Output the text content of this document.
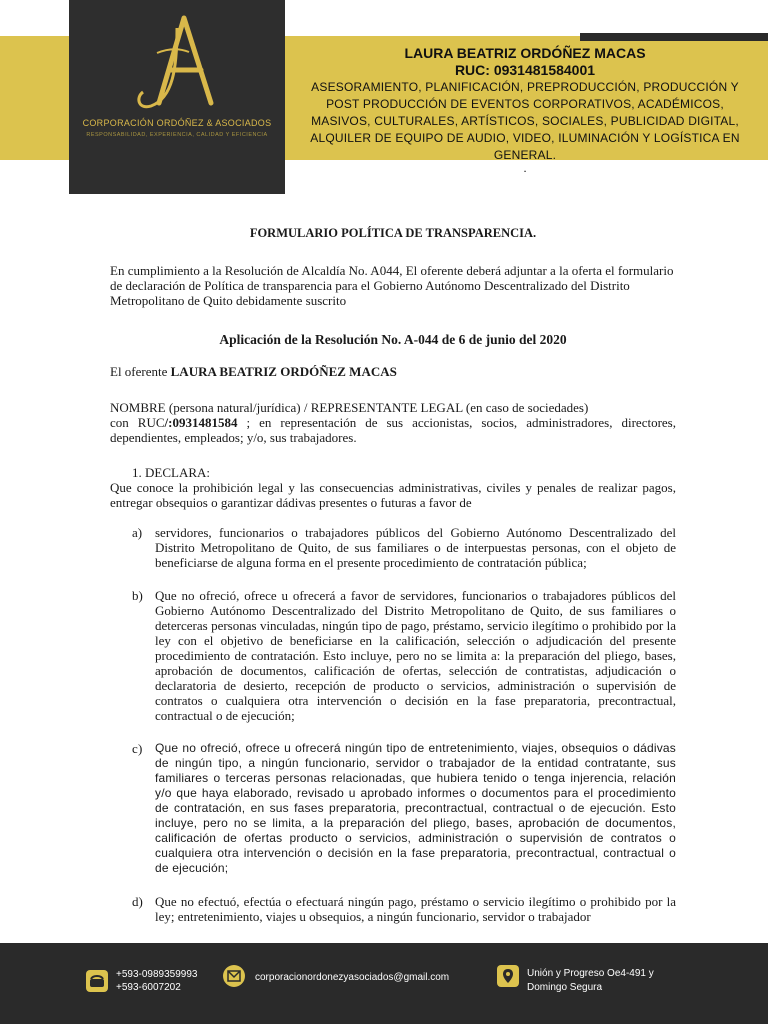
CORPORACIÓN ORDÓÑEZ & ASOCIADOS
RESPONSABILIDAD, EXPERIENCIA, CALIDAD Y EFICIENCIA
LAURA BEATRIZ ORDÓÑEZ MACAS
RUC: 0931481584001
ASESORAMIENTO, PLANIFICACIÓN, PREPRODUCCIÓN, PRODUCCIÓN Y POST PRODUCCIÓN DE EVENTOS CORPORATIVOS, ACADÉMICOS, MASIVOS, CULTURALES, ARTÍSTICOS, SOCIALES, PUBLICIDAD DIGITAL, ALQUILER DE EQUIPO DE AUDIO, VIDEO, ILUMINACIÓN Y LOGÍSTICA EN GENERAL.
.
FORMULARIO POLÍTICA DE TRANSPARENCIA.

En cumplimiento a la Resolución de Alcaldía No. A044, El oferente deberá adjuntar a la oferta el formulario de declaración de Política de transparencia para el Gobierno Autónomo Descentralizado del Distrito Metropolitano de Quito debidamente suscrito

Aplicación de la Resolución No. A-044 de 6 de junio del 2020
El oferente LAURA BEATRIZ ORDÓÑEZ MACAS
NOMBRE (persona natural/jurídica) / REPRESENTANTE LEGAL (en caso de sociedades)
con RUC/:0931481584 ; en representación de sus accionistas, socios, administradores, directores, dependientes, empleados; y/o, sus trabajadores.
1. DECLARA:
Que conoce la prohibición legal y las consecuencias administrativas, civiles y penales de realizar pagos, entregar obsequios o garantizar dádivas presentes o futuras a favor de
a) servidores, funcionarios o trabajadores públicos del Gobierno Autónomo Descentralizado del Distrito Metropolitano de Quito, de sus familiares o de interpuestas personas, con el objeto de beneficiarse de alguna forma en el presente procedimiento de contratación pública;
b) Que no ofreció, ofrece u ofrecerá a favor de servidores, funcionarios o trabajadores públicos del Gobierno Autónomo Descentralizado del Distrito Metropolitano de Quito, de sus familiares o deterceras personas vinculadas, ningún tipo de pago, préstamo, servicio ilegítimo o prohibido por la ley con el objetivo de beneficiarse en la calificación, selección o adjudicación del presente procedimiento de contratación. Esto incluye, pero no se limita a: la preparación del pliego, bases, aprobación de documentos, calificación de ofertas, selección de contratistas, adjudicación o declaratoria de desierto, recepción de producto o servicios, administración o supervisión de contratos o cualquiera otra intervención o decisión en la fase preparatoria, precontractual, contractual o de ejecución;
c) Que no ofreció, ofrece u ofrecerá ningún tipo de entretenimiento, viajes, obsequios o dádivas de ningún tipo, a ningún funcionario, servidor o trabajador de la entidad contratante, sus familiares o terceras personas relacionadas, que hubiera tenido o tenga injerencia, relación y/o que haya elaborado, revisado u aprobado informes o documentos para el procedimiento de contratación, en sus fases preparatoria, precontractual, contractual o de ejecución. Esto incluye, pero no se limita, a la preparación del pliego, bases, aprobación de documentos, calificación de ofertas producto o servicios, administración o supervisión de contratos o cualquiera otra intervención o decisión en la fase preparatoria, precontractual, contractual o de ejecución;
d) Que no efectuó, efectúa o efectuará ningún pago, préstamo o servicio ilegítimo o prohibido por la ley; entretenimiento, viajes u obsequios, a ningún funcionario, servidor o trabajador
+593-0989359993
+593-6007202
corporacionordonezyasociados@gmail.com	Unión y Progreso Oe4-491 y
Domingo Segura
